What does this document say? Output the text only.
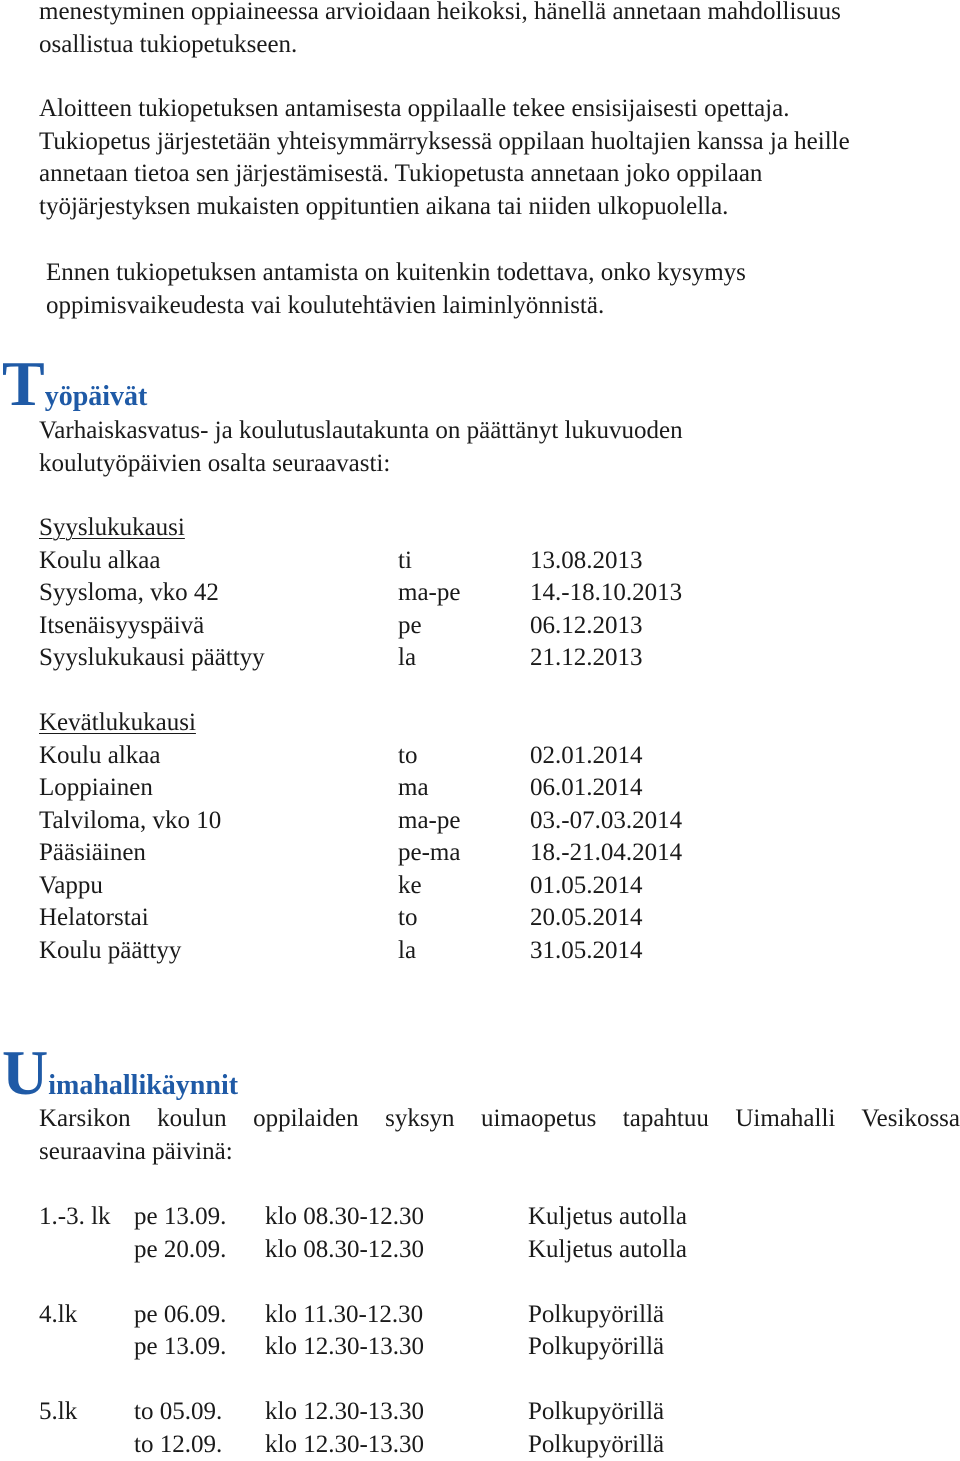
menestyminen oppiaineessa arvioidaan heikoksi, hänellä annetaan mahdollisuus

osallistua tukiopetukseen.

Aloitteen tukiopetuksen antamisesta oppilaalle tekee ensisijaisesti opettaja.

Tukiopetus järjestetään yhteisymmärryksessä oppilaan huoltajien kanssa ja heille

annetaan tietoa sen järjestämisestä. Tukiopetusta annetaan joko oppilaan

työjärjestyksen mukaisten oppituntien aikana tai niiden ulkopuolella.

Ennen tukiopetuksen antamista on kuitenkin todettava, onko kysymys

oppimisvaikeudesta vai koulutehtävien laiminlyönnistä.

Työpäivät

Varhaiskasvatus- ja koulutuslautakunta on päättänyt lukuvuoden

koulutyöpäivien osalta seuraavasti:

Syyslukukausi
Koulu alkaa	ti	13.08.2013
Syysloma, vko 42	ma-pe	14.-18.10.2013
Itsenäisyyspäivä	pe	06.12.2013
Syyslukukausi päättyy	la	21.12.2013
Kevätlukukausi
Koulu alkaa	to	02.01.2014
Loppiainen	ma	06.01.2014
Talviloma, vko 10	ma-pe	03.-07.03.2014
Pääsiäinen	pe-ma	18.-21.04.2014
Vappu	ke	01.05.2014
Helatorstai	to	20.05.2014
Koulu päättyy	la	31.05.2014
Uimahallikäynnit

Karsikon koulun oppilaiden syksyn uimaopetus tapahtuu Uimahalli Vesikossa

seuraavina päivinä:

1.-3. lk pe 13.09. klo 08.30-12.30	Kuljetus autolla
pe 20.09. klo 08.30-12.30	Kuljetus autolla
4.lk pe 06.09. klo 11.30-12.30	Polkupyörillä
pe 13.09. klo 12.30-13.30	Polkupyörillä
5.lk to 05.09. klo 12.30-13.30	Polkupyörillä
to 12.09. klo 12.30-13.30	Polkupyörillä
